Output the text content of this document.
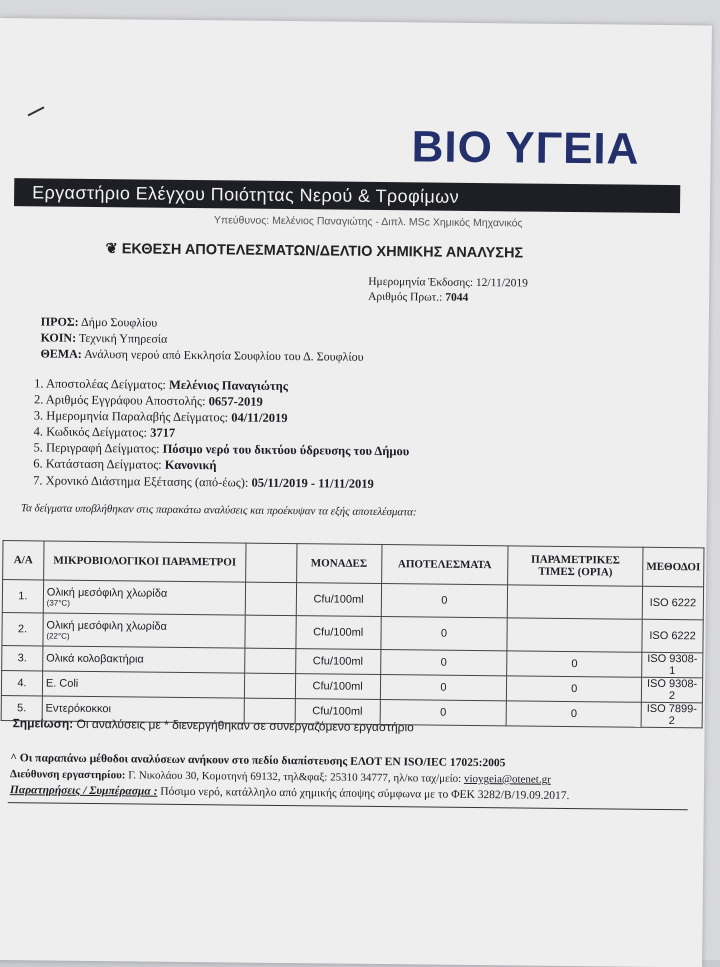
ΒΙΟ ΥΓΕΙΑ
Εργαστήριο Ελέγχου Ποιότητας Νερού & Τροφίμων
Υπεύθυνος: Μελένιος Παναγιώτης - Διπλ. MSc Χημικός Μηχανικός
❦ ΕΚΘΕΣΗ ΑΠΟΤΕΛΕΣΜΑΤΩΝ/ΔΕΛΤΙΟ ΧΗΜΙΚΗΣ ΑΝΑΛΥΣΗΣ
Ημερομηνία Έκδοσης: 12/11/2019
Αριθμός Πρωτ.: 7044
ΠΡΟΣ: Δήμο Σουφλίου
ΚΟΙΝ: Τεχνική Υπηρεσία
ΘΕΜΑ: Ανάλυση νερού από Εκκλησία Σουφλίου του Δ. Σουφλίου
1. Αποστολέας Δείγματος: Μελένιος Παναγιώτης
2. Αριθμός Εγγράφου Αποστολής: 0657-2019
3. Ημερομηνία Παραλαβής Δείγματος: 04/11/2019
4. Κωδικός Δείγματος: 3717
5. Περιγραφή Δείγματος: Πόσιμο νερό του δικτύου ύδρευσης του Δήμου
6. Κατάσταση Δείγματος: Κανονική
7. Χρονικό Διάστημα Εξέτασης (από-έως): 05/11/2019 - 11/11/2019
Τα δείγματα υποβλήθηκαν στις παρακάτω αναλύσεις και προέκυψαν τα εξής αποτελέσματα:
Α/Α	ΜΙΚΡΟΒΙΟΛΟΓΙΚΟΙ ΠΑΡΑΜΕΤΡΟΙ		ΜΟΝΑΔΕΣ	ΑΠΟΤΕΛΕΣΜΑΤΑ	ΠΑΡΑΜΕΤΡΙΚΕΣ ΤΙΜΕΣ (ΟΡΙΑ)	ΜΕΘΟΔΟΙ
1.	Ολική μεσόφιλη χλωρίδα
(37°C)		Cfu/100ml	0		ISO 6222
2.	Ολική μεσόφιλη χλωρίδα
(22°C)		Cfu/100ml	0		ISO 6222
3.	Ολικά κολοβακτήρια		Cfu/100ml	0	0	ISO 9308-1
4.	E. Coli		Cfu/100ml	0	0	ISO 9308-2
5.	Εντερόκοκκοι		Cfu/100ml	0	0	ISO 7899-2
Σημείωση: Οι αναλύσεις με * διενεργήθηκαν σε συνεργαζόμενο εργαστήριο
^ Οι παραπάνω μέθοδοι αναλύσεων ανήκουν στο πεδίο διαπίστευσης ΕΛΟΤ ΕΝ ISO/IEC 17025:2005
Διεύθυνση εργαστηρίου: Γ. Νικολάου 30, Κομοτηνή 69132, τηλ&φαξ: 25310 34777, ηλ/κο ταχ/μείο: vioygeia@otenet.gr
Παρατηρήσεις / Συμπέρασμα : Πόσιμο νερό, κατάλληλο από χημικής άποψης σύμφωνα με το ΦΕΚ 3282/Β/19.09.2017.
